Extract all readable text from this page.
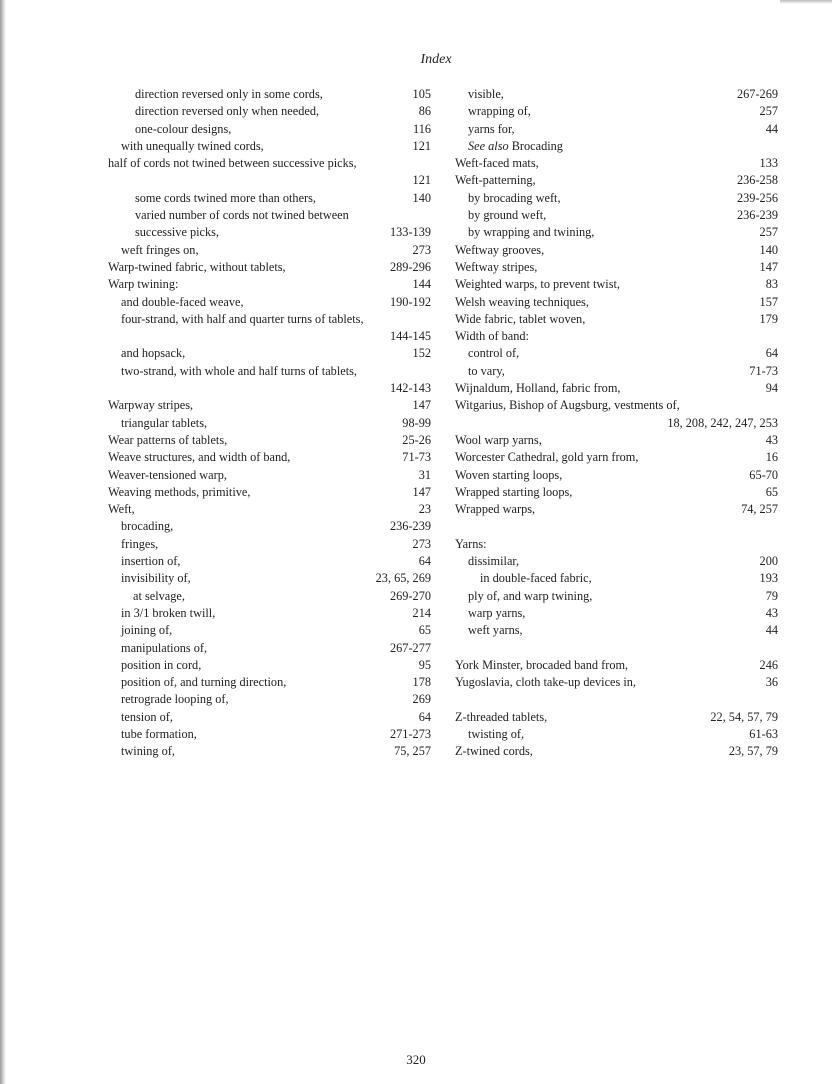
Index
direction reversed only in some cords,	105
direction reversed only when needed,	86
one-colour designs,	116
with unequally twined cords,	121
half of cords not twined between successive picks,
121
some cords twined more than others,	140
varied number of cords not twined between
successive picks,	133-139
weft fringes on,	273
Warp-twined fabric, without tablets,	289-296
Warp twining:	144
and double-faced weave,	190-192
four-strand, with half and quarter turns of tablets,
144-145
and hopsack,	152
two-strand, with whole and half turns of tablets,
142-143
Warpway stripes,	147
triangular tablets,	98-99
Wear patterns of tablets,	25-26
Weave structures, and width of band,	71-73
Weaver-tensioned warp,	31
Weaving methods, primitive,	147
Weft,	23
brocading,	236-239
fringes,	273
insertion of,	64
invisibility of,	23, 65, 269
at selvage,	269-270
in 3/1 broken twill,	214
joining of,	65
manipulations of,	267-277
position in cord,	95
position of, and turning direction,	178
retrograde looping of,	269
tension of,	64
tube formation,	271-273
twining of,	75, 257
visible,	267-269
wrapping of,	257
yarns for,	44
See also Brocading
Weft-faced mats,	133
Weft-patterning,	236-258
by brocading weft,	239-256
by ground weft,	236-239
by wrapping and twining,	257
Weftway grooves,	140
Weftway stripes,	147
Weighted warps, to prevent twist,	83
Welsh weaving techniques,	157
Wide fabric, tablet woven,	179
Width of band:
control of,	64
to vary,	71-73
Wijnaldum, Holland, fabric from,	94
Witgarius, Bishop of Augsburg, vestments of,
18, 208, 242, 247, 253
Wool warp yarns,	43
Worcester Cathedral, gold yarn from,	16
Woven starting loops,	65-70
Wrapped starting loops,	65
Wrapped warps,	74, 257
Yarns:
dissimilar,	200
in double-faced fabric,	193
ply of, and warp twining,	79
warp yarns,	43
weft yarns,	44
York Minster, brocaded band from,	246
Yugoslavia, cloth take-up devices in,	36
Z-threaded tablets,	22, 54, 57, 79
twisting of,	61-63
Z-twined cords,	23, 57, 79
320
